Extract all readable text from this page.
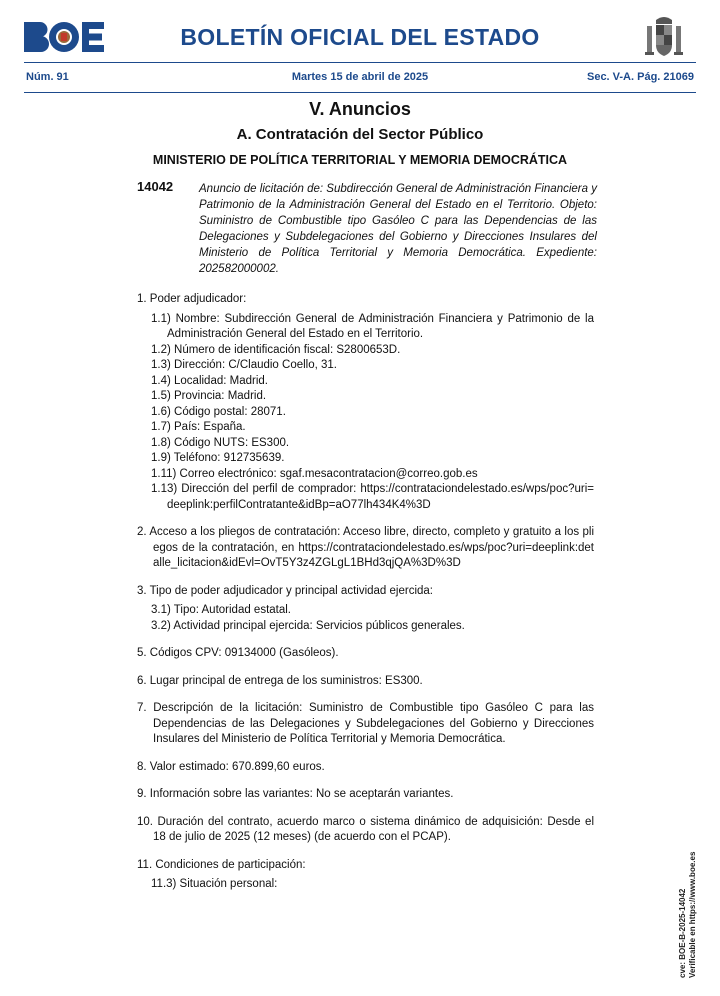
BOLETÍN OFICIAL DEL ESTADO
Núm. 91	Martes 15 de abril de 2025	Sec. V-A. Pág. 21069
V. Anuncios
A. Contratación del Sector Público
MINISTERIO DE POLÍTICA TERRITORIAL Y MEMORIA DEMOCRÁTICA
14042 Anuncio de licitación de: Subdirección General de Administración Financiera y Patrimonio de la Administración General del Estado en el Territorio. Objeto: Suministro de Combustible tipo Gasóleo C para las Dependencias de las Delegaciones y Subdelegaciones del Gobierno y Direcciones Insulares del Ministerio de Política Territorial y Memoria Democrática. Expediente: 202582000002.
1. Poder adjudicador:
1.1) Nombre: Subdirección General de Administración Financiera y Patrimonio de la Administración General del Estado en el Territorio.
1.2) Número de identificación fiscal: S2800653D.
1.3) Dirección: C/Claudio Coello, 31.
1.4) Localidad: Madrid.
1.5) Provincia: Madrid.
1.6) Código postal: 28071.
1.7) País: España.
1.8) Código NUTS: ES300.
1.9) Teléfono: 912735639.
1.11) Correo electrónico: sgaf.mesacontratacion@correo.gob.es
1.13) Dirección del perfil de comprador: https://contrataciondelestado.es/wps/poc?uri=deeplink:perfilContratante&idBp=aO77lh434K4%3D
2. Acceso a los pliegos de contratación: Acceso libre, directo, completo y gratuito a los pliegos de la contratación, en https://contrataciondelestado.es/wps/poc?uri=deeplink:detalle_licitacion&idEvl=OvT5Y3z4ZGLgL1BHd3qjQA%3D%3D
3. Tipo de poder adjudicador y principal actividad ejercida:
3.1) Tipo: Autoridad estatal.
3.2) Actividad principal ejercida: Servicios públicos generales.
5. Códigos CPV: 09134000 (Gasóleos).
6. Lugar principal de entrega de los suministros: ES300.
7. Descripción de la licitación: Suministro de Combustible tipo Gasóleo C para las Dependencias de las Delegaciones y Subdelegaciones del Gobierno y Direcciones Insulares del Ministerio de Política Territorial y Memoria Democrática.
8. Valor estimado: 670.899,60 euros.
9. Información sobre las variantes: No se aceptarán variantes.
10. Duración del contrato, acuerdo marco o sistema dinámico de adquisición: Desde el 18 de julio de 2025 (12 meses) (de acuerdo con el PCAP).
11. Condiciones de participación:
11.3) Situación personal:
cve: BOE-B-2025-14042 Verificable en https://www.boe.es
